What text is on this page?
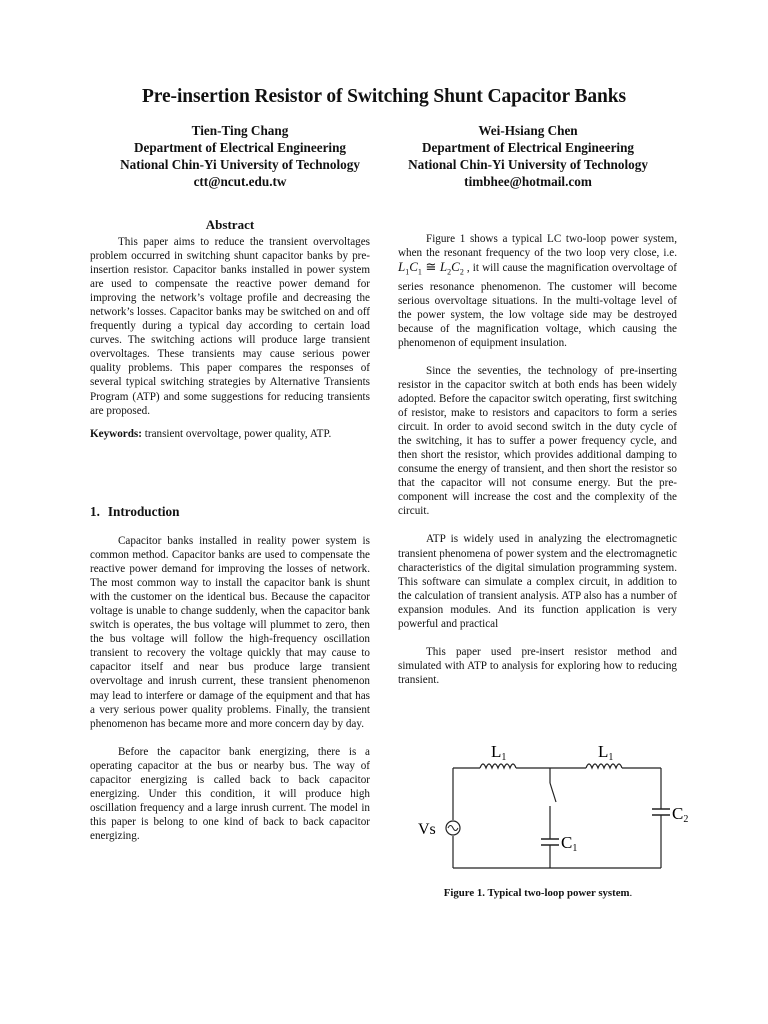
Pre-insertion Resistor of Switching Shunt Capacitor Banks
Tien-Ting Chang
Department of Electrical Engineering
National Chin-Yi University of Technology
ctt@ncut.edu.tw
Wei-Hsiang Chen
Department of Electrical Engineering
National Chin-Yi University of Technology
timbhee@hotmail.com
Abstract

This paper aims to reduce the transient overvoltages problem occurred in switching shunt capacitor banks by pre-insertion resistor. Capacitor banks installed in power system are used to compensate the reactive power demand for improving the network’s voltage profile and decreasing the network’s losses. Capacitor banks may be switched on and off frequently during a typical day according to certain load curves. The switching actions will produce large transient overvoltages. These transients may cause serious power quality problems. This paper compares the responses of several typical switching strategies by Alternative Transients Program (ATP) and some suggestions for reducing transients are proposed.

Keywords: transient overvoltage, power quality, ATP.

1. Introduction

Capacitor banks installed in reality power system is common method. Capacitor banks are used to compensate the reactive power demand for improving the losses of network. The most common way to install the capacitor bank is shunt with the customer on the identical bus. Because the capacitor voltage is unable to change suddenly, when the capacitor bank switch is operates, the bus voltage will plummet to zero, then the bus voltage will follow the high-frequency oscillation transient to recovery the voltage quickly that may cause to capacitor itself and near bus produce large transient overvoltage and inrush current, these transient phenomenon may lead to interfere or damage of the equipment and that has a very serious power quality problems. Finally, the transient phenomenon has became more and more concern day by day.

Before the capacitor bank energizing, there is a operating capacitor at the bus or nearby bus. The way of capacitor energizing is called back to back capacitor energizing. Under this condition, it will produce high oscillation frequency and a large inrush current. The model in this paper is belong to one kind of back to back capacitor energizing.

Figure 1 shows a typical LC two-loop power system, when the resonant frequency of the two loop very close, i.e. $L_1C_1$ ≅ $L_2C_2$ , it will cause the magnification overvoltage of series resonance phenomenon. The customer will become serious overvoltage situations. In the multi-voltage level of the power system, the low voltage side may be destroyed because of the magnification voltage, which causing the phenomenon of equipment insulation.

Since the seventies, the technology of pre-inserting resistor in the capacitor switch at both ends has been widely adopted. Before the capacitor switch operating, first switching of resistor, make to resistors and capacitors to form a series circuit. In order to avoid second switch in the duty cycle of the switching, it has to suffer a power frequency cycle, and then short the resistor, which provides additional damping to consume the energy of transient, and then short the resistor so that the capacitor will not consume energy. But the pre-component will increase the cost and the complexity of the circuit.

ATP is widely used in analyzing the electromagnetic transient phenomena of power system and the electromagnetic characteristics of the digital simulation programming system. This software can simulate a complex circuit, in addition to the calculation of transient analysis. ATP also has a number of expansion modules. And its function application is very powerful and practical

This paper used pre-insert resistor method and simulated with ATP to analysis for exploring how to reducing transient.

L1	L1
Vs
C1
C2
Figure 1. Typical two-loop power system.
